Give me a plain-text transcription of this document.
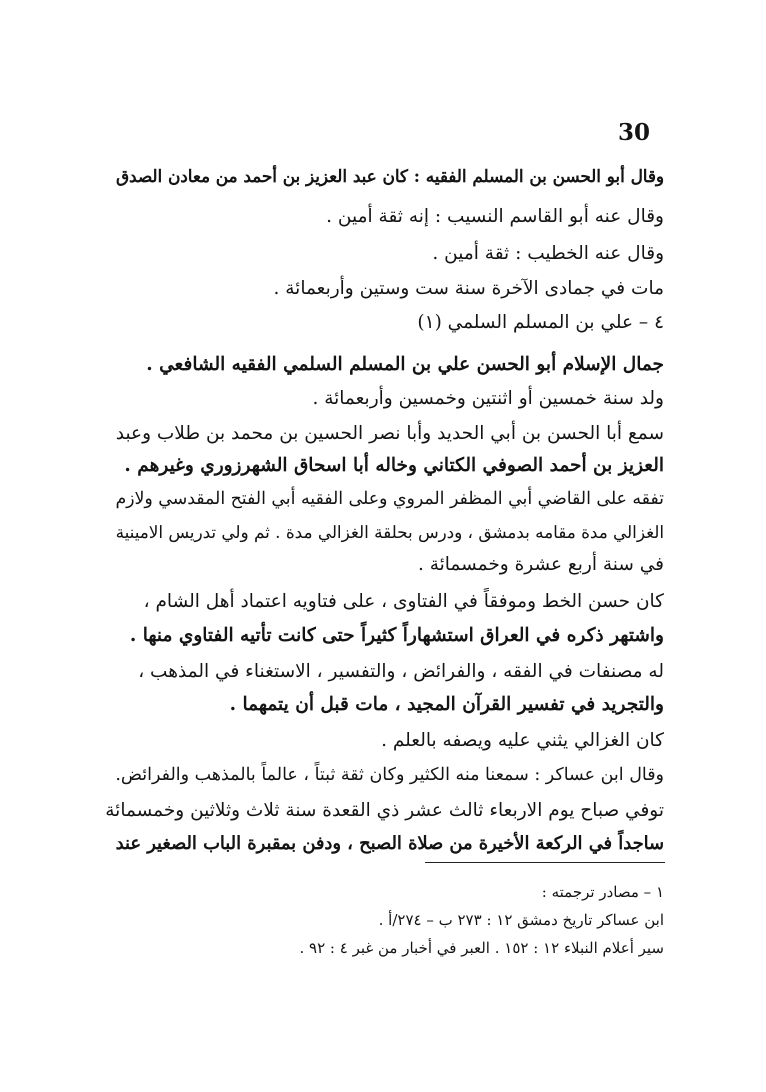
30
وقال أبو الحسن بن المسلم الفقيه : كان عبد العزيز بن أحمد من معادن الصدق
وقال عنه أبو القاسم النسيب : إنه ثقة أمين .
وقال عنه الخطيب : ثقة أمين .
مات في جمادى الآخرة سنة ست وستين وأربعمائة .
٤ – علي بن المسلم السلمي (١)
جمال الإسلام أبو الحسن علي بن المسلم السلمي الفقيه الشافعي .
ولد سنة خمسين أو اثنتين وخمسين وأربعمائة .
سمع أبا الحسن بن أبي الحديد وأبا نصر الحسين بن محمد بن طلاب وعبد
العزيز بن أحمد الصوفي الكتاني وخاله أبا اسحاق الشهرزوري وغيرهم .
تفقه على القاضي أبي المظفر المروي وعلى الفقيه أبي الفتح المقدسي ولازم
الغزالي مدة مقامه بدمشق ، ودرس بحلقة الغزالي مدة . ثم ولي تدريس الامينية
في سنة أربع عشرة وخمسمائة .
كان حسن الخط وموفقاً في الفتاوى ، على فتاويه اعتماد أهل الشام ،
واشتهر ذكره في العراق استشهاراً كثيراً حتى كانت تأتيه الفتاوي منها .
له مصنفات في الفقه ، والفرائض ، والتفسير ، الاستغناء في المذهب ،
والتجريد في تفسير القرآن المجيد ، مات قبل أن يتمهما .
كان الغزالي يثني عليه ويصفه بالعلم .
وقال ابن عساكر : سمعنا منه الكثير وكان ثقة ثبتاً ، عالماً بالمذهب والفرائض.
توفي صباح يوم الاربعاء ثالث عشر ذي القعدة سنة ثلاث وثلاثين وخمسمائة
ساجداً في الركعة الأخيرة من صلاة الصبح ، ودفن بمقبرة الباب الصغير عند
١ – مصادر ترجمته :
ابن عساكر تاريخ دمشق ١٢ : ٢٧٣ ب – ٢٧٤/أ .
سير أعلام النبلاء ١٢ : ١٥٢ . العبر في أخبار من غبر ٤ : ٩٢ .
